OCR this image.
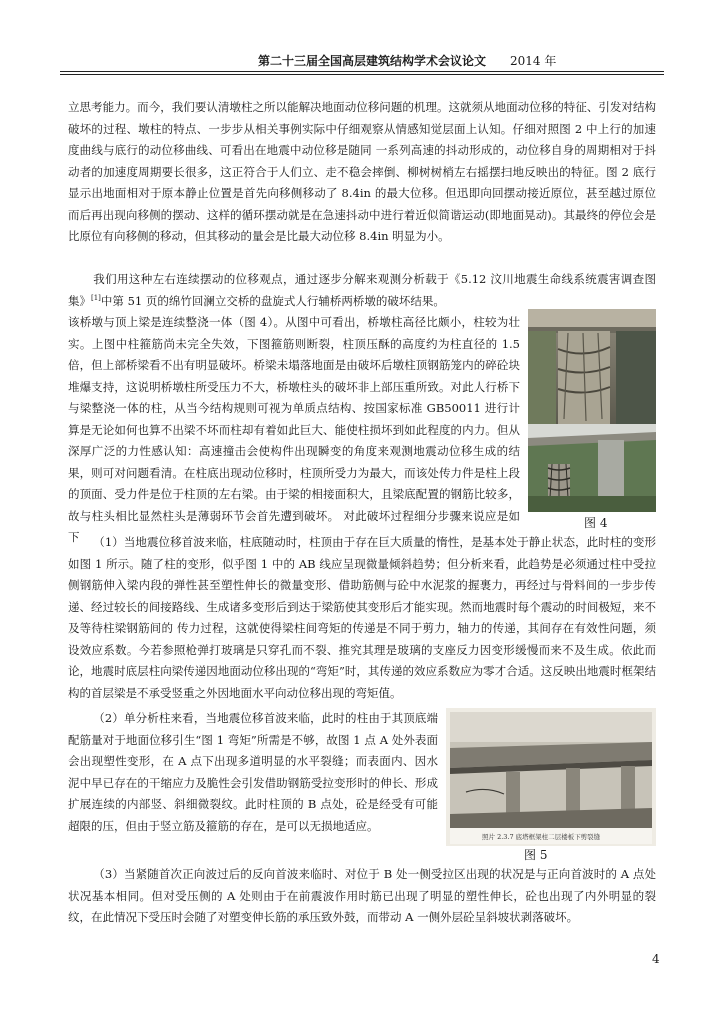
第二十三届全国高层建筑结构学术会议论文 2014 年

立思考能力。而今，我们要认清墩柱之所以能解决地面动位移问题的机理。这就须从地面动位移的特征、引发对结构破坏的过程、墩柱的特点、一步步从相关事例实际中仔细观察从情感知觉层面上认知。仔细对照图 2 中上行的加速度曲线与底行的动位移曲线、可看出在地震中动位移是随同 一系列高速的抖动形成的，动位移自身的周期相对于抖动者的加速度周期要长很多，这正符合于人们立、走不稳会摔倒、柳树树梢左右摇摆扫地反映出的特征。图 2 底行显示出地面相对于原本静止位置是首先向移侧移动了 8.4in 的最大位移。但迅即向回摆动接近原位，甚至越过原位而后再出现向移侧的摆动、这样的循环摆动就是在急速抖动中进行着近似简谐运动(即地面晃动)。其最终的停位会是比原位有向移侧的移动，但其移动的量会是比最大动位移 8.4in 明显为小。

我们用这种左右连续摆动的位移观点，通过逐步分解来观测分析载于《5.12 汶川地震生命线系统震害调查图集》[1]中第 51 页的绵竹回澜立交桥的盘旋式人行辅桥两桥墩的破坏结果。

该桥墩与顶上梁是连续整浇一体（图 4）。从图中可看出，桥墩柱高径比颇小，柱较为壮实。上图中柱箍筋尚未完全失效，下图箍筋则断裂，柱顶压酥的高度约为柱直径的 1.5 倍，但上部桥梁看不出有明显破坏。桥梁未塌落地面是由破坏后墩柱顶钢筋笼内的碎砼块堆爆支持，这说明桥墩柱所受压力不大，桥墩柱头的破坏非上部压重所致。对此人行桥下与梁整浇一体的柱，从当今结构规则可视为单质点结构、按国家标准 GB50011 进行计算是无论如何也算不出梁不坏而柱却有着如此巨大、能使柱损坏到如此程度的内力。但从深厚广泛的力性感认知：高速撞击会使构件出现瞬变的角度来观测地震动位移生成的结果，则可对问题看清。在柱底出现动位移时，柱顶所受力为最大，而该处传力件是柱上段的顶面、受力件是位于柱顶的左右梁。由于梁的相接面积大，且梁底配置的钢筋比较多，故与柱头相比显然柱头是薄弱环节会首先遭到破坏。 对此破坏过程细分步骤来说应是如下

图 4

（1）当地震位移首波来临，柱底随动时，柱顶由于存在巨大质量的惰性，是基本处于静止状态，此时柱的变形如图 1 所示。随了柱的变形，似乎图 1 中的 AB 线应呈现微量倾斜趋势；但分析来看，此趋势是必须通过柱中受拉侧钢筋伸入梁内段的弹性甚至塑性伸长的微量变形、借助筋侧与砼中水泥浆的握裹力，再经过与骨料间的一步步传递、经过较长的间接路线、生成诸多变形后到达于梁筋使其变形后才能实现。然而地震时每个震动的时间极短，来不及等待柱梁钢筋间的 传力过程，这就使得梁柱间弯矩的传递是不同于剪力，轴力的传递，其间存在有效性问题，须设效应系数。今若参照枪弹打玻璃是只穿孔而不裂、推究其理是玻璃的支座反力因变形缓慢而来不及生成。依此而论，地震时底层柱向梁传递因地面动位移出现的“弯矩”时，其传递的效应系数应为零才合适。这反映出地震时框架结构的首层梁是不承受竖重之外因地面水平向动位移出现的弯矩值。

（2）单分析柱来看，当地震位移首波来临，此时的柱由于其顶底端配筋量对于地面位移引生“图 1 弯矩”所需是不够，故图 1 点 A 处外表面会出现塑性变形，在 A 点下出现多道明显的水平裂缝；而表面内、因水泥中早已存在的干缩应力及脆性会引发借助钢筋受拉变形时的伸长、形成扩展连续的内部竖、斜细微裂纹。此时柱顶的 B 点处，砼是经受有可能超限的压，但由于竖立筋及箍筋的存在，是可以无损地适应。

照片 2.3.7 底塔框架柱二层楼板下剪裂缝
图 5

（3）当紧随首次正向波过后的反向首波来临时、对位于 B 处一侧受拉区出现的状况是与正向首波时的 A 点处状况基本相同。但对受压侧的 A 处则由于在前震波作用时筋已出现了明显的塑性伸长，砼也出现了内外明显的裂纹，在此情况下受压时会随了对塑变伸长筋的承压致外鼓，而带动 A 一侧外层砼呈斜坡状剥落破坏。

4
